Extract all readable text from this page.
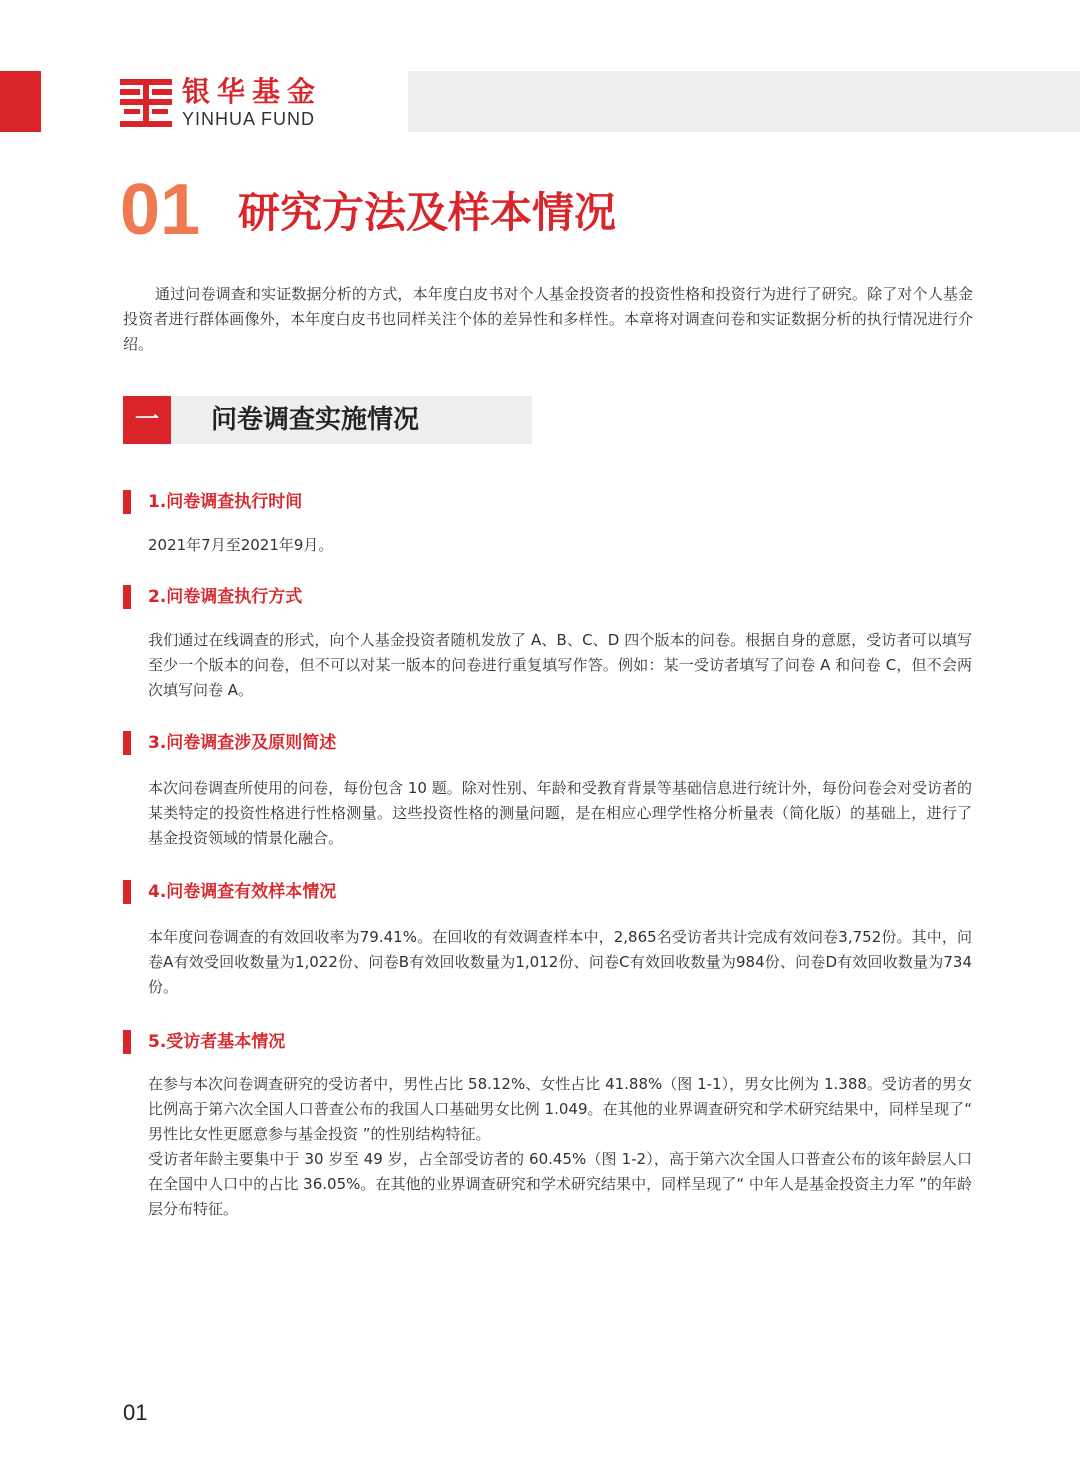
银华基金
YINHUA FUND
01 研究方法及样本情况

通过问卷调查和实证数据分析的方式，本年度白皮书对个人基金投资者的投资性格和投资行为进行了研究。除了对个人基金投资者进行群体画像外，本年度白皮书也同样关注个体的差异性和多样性。本章将对调查问卷和实证数据分析的执行情况进行介绍。

一	问卷调查实施情况
1.问卷调查执行时间

2021年7月至2021年9月。

2.问卷调查执行方式

我们通过在线调查的形式，向个人基金投资者随机发放了 A、B、C、D 四个版本的问卷。根据自身的意愿，受访者可以填写至少一个版本的问卷，但不可以对某一版本的问卷进行重复填写作答。例如：某一受访者填写了问卷 A 和问卷 C，但不会两次填写问卷 A。

3.问卷调查涉及原则简述

本次问卷调查所使用的问卷，每份包含 10 题。除对性别、年龄和受教育背景等基础信息进行统计外，每份问卷会对受访者的某类特定的投资性格进行性格测量。这些投资性格的测量问题，是在相应心理学性格分析量表（简化版）的基础上，进行了基金投资领域的情景化融合。

4.问卷调查有效样本情况

本年度问卷调查的有效回收率为79.41%。在回收的有效调查样本中，2,865名受访者共计完成有效问卷3,752份。其中，问卷A有效受回收数量为1,022份、问卷B有效回收数量为1,012份、问卷C有效回收数量为984份、问卷D有效回收数量为734份。

5.受访者基本情况

在参与本次问卷调查研究的受访者中，男性占比 58.12%、女性占比 41.88%（图 1-1），男女比例为 1.388。受访者的男女比例高于第六次全国人口普查公布的我国人口基础男女比例 1.049。在其他的业界调查研究和学术研究结果中，同样呈现了“ 男性比女性更愿意参与基金投资 ”的性别结构特征。

受访者年龄主要集中于 30 岁至 49 岁，占全部受访者的 60.45%（图 1-2），高于第六次全国人口普查公布的该年龄层人口在全国中人口中的占比 36.05%。在其他的业界调查研究和学术研究结果中，同样呈现了“ 中年人是基金投资主力军 ”的年龄层分布特征。

01
